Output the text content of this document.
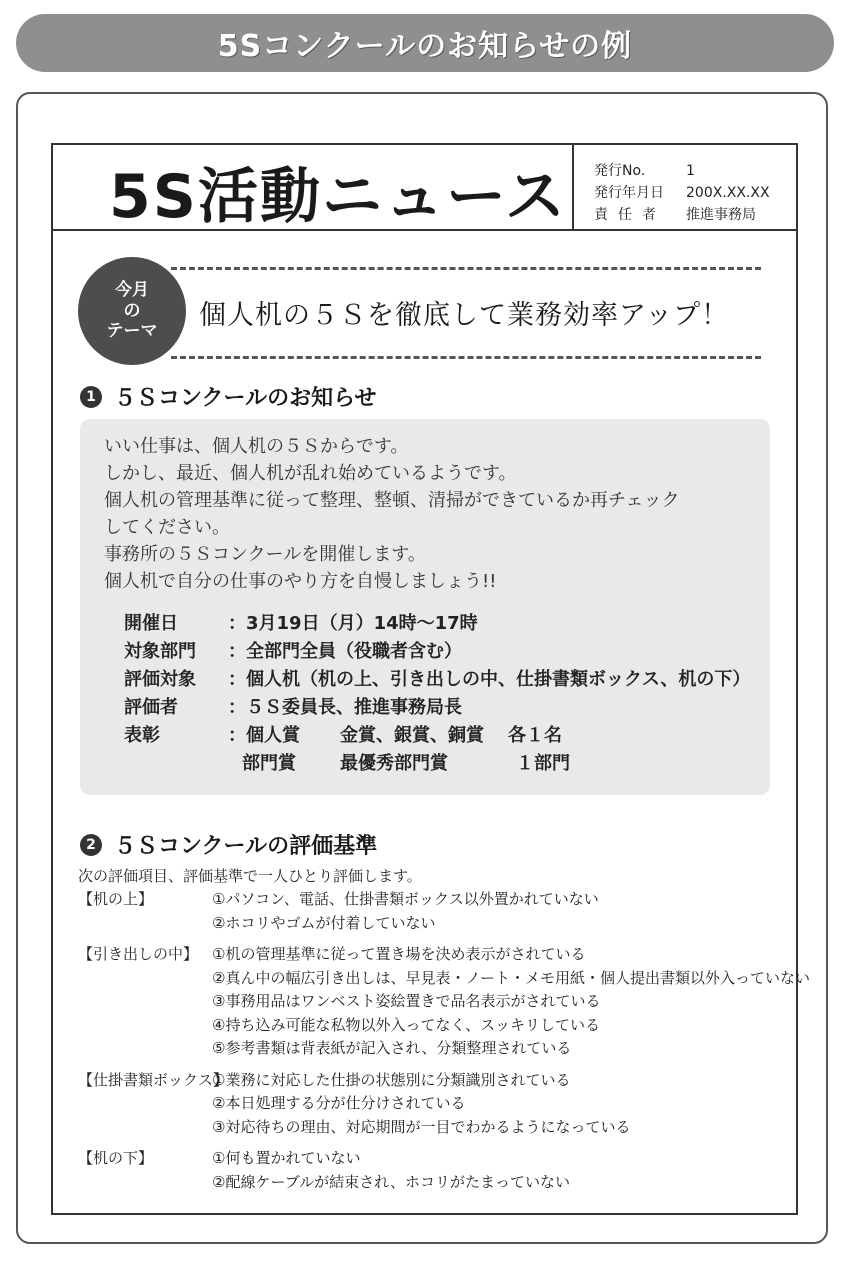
5Sコンクールのお知らせの例
5S活動ニュース 発行No.	1
発行年月日 200X.XX.XX
責任者 推進事務局
今月
の
テーマ
個人机の５Ｓを徹底して業務効率アップ！
1 ５Ｓコンクールのお知らせ
いい仕事は、個人机の５Ｓからです。
しかし、最近、個人机が乱れ始めているようです。
個人机の管理基準に従って整理、整頓、清掃ができているか再チェック
してください。
事務所の５Ｓコンクールを開催します。
個人机で自分の仕事のやり方を自慢しましょう!!
開催日	：3月19日（月）14時～17時
対象部門 ：全部門全員（役職者含む）
評価対象 ：個人机（机の上、引き出しの中、仕掛書類ボックス、机の下）
評価者	：５Ｓ委員長、推進事務局長
表彰	：個人賞 金賞、銀賞、銅賞 各１名
部門賞 最優秀部門賞	１部門
2 ５Ｓコンクールの評価基準
次の評価項目、評価基準で一人ひとり評価します。
【机の上】	①パソコン、電話、仕掛書類ボックス以外置かれていない
②ホコリやゴムが付着していない
【引き出しの中】 ①机の管理基準に従って置き場を決め表示がされている
②真ん中の幅広引き出しは、早見表・ノート・メモ用紙・個人提出書類以外入っていない
③事務用品はワンベスト姿絵置きで品名表示がされている
④持ち込み可能な私物以外入ってなく、スッキリしている
⑤参考書類は背表紙が記入され、分類整理されている
【仕掛書類ボックス】
①業務に対応した仕掛の状態別に分類識別されている
②本日処理する分が仕分けされている
③対応待ちの理由、対応期間が一目でわかるようになっている
【机の下】	①何も置かれていない
②配線ケーブルが結束され、ホコリがたまっていない
